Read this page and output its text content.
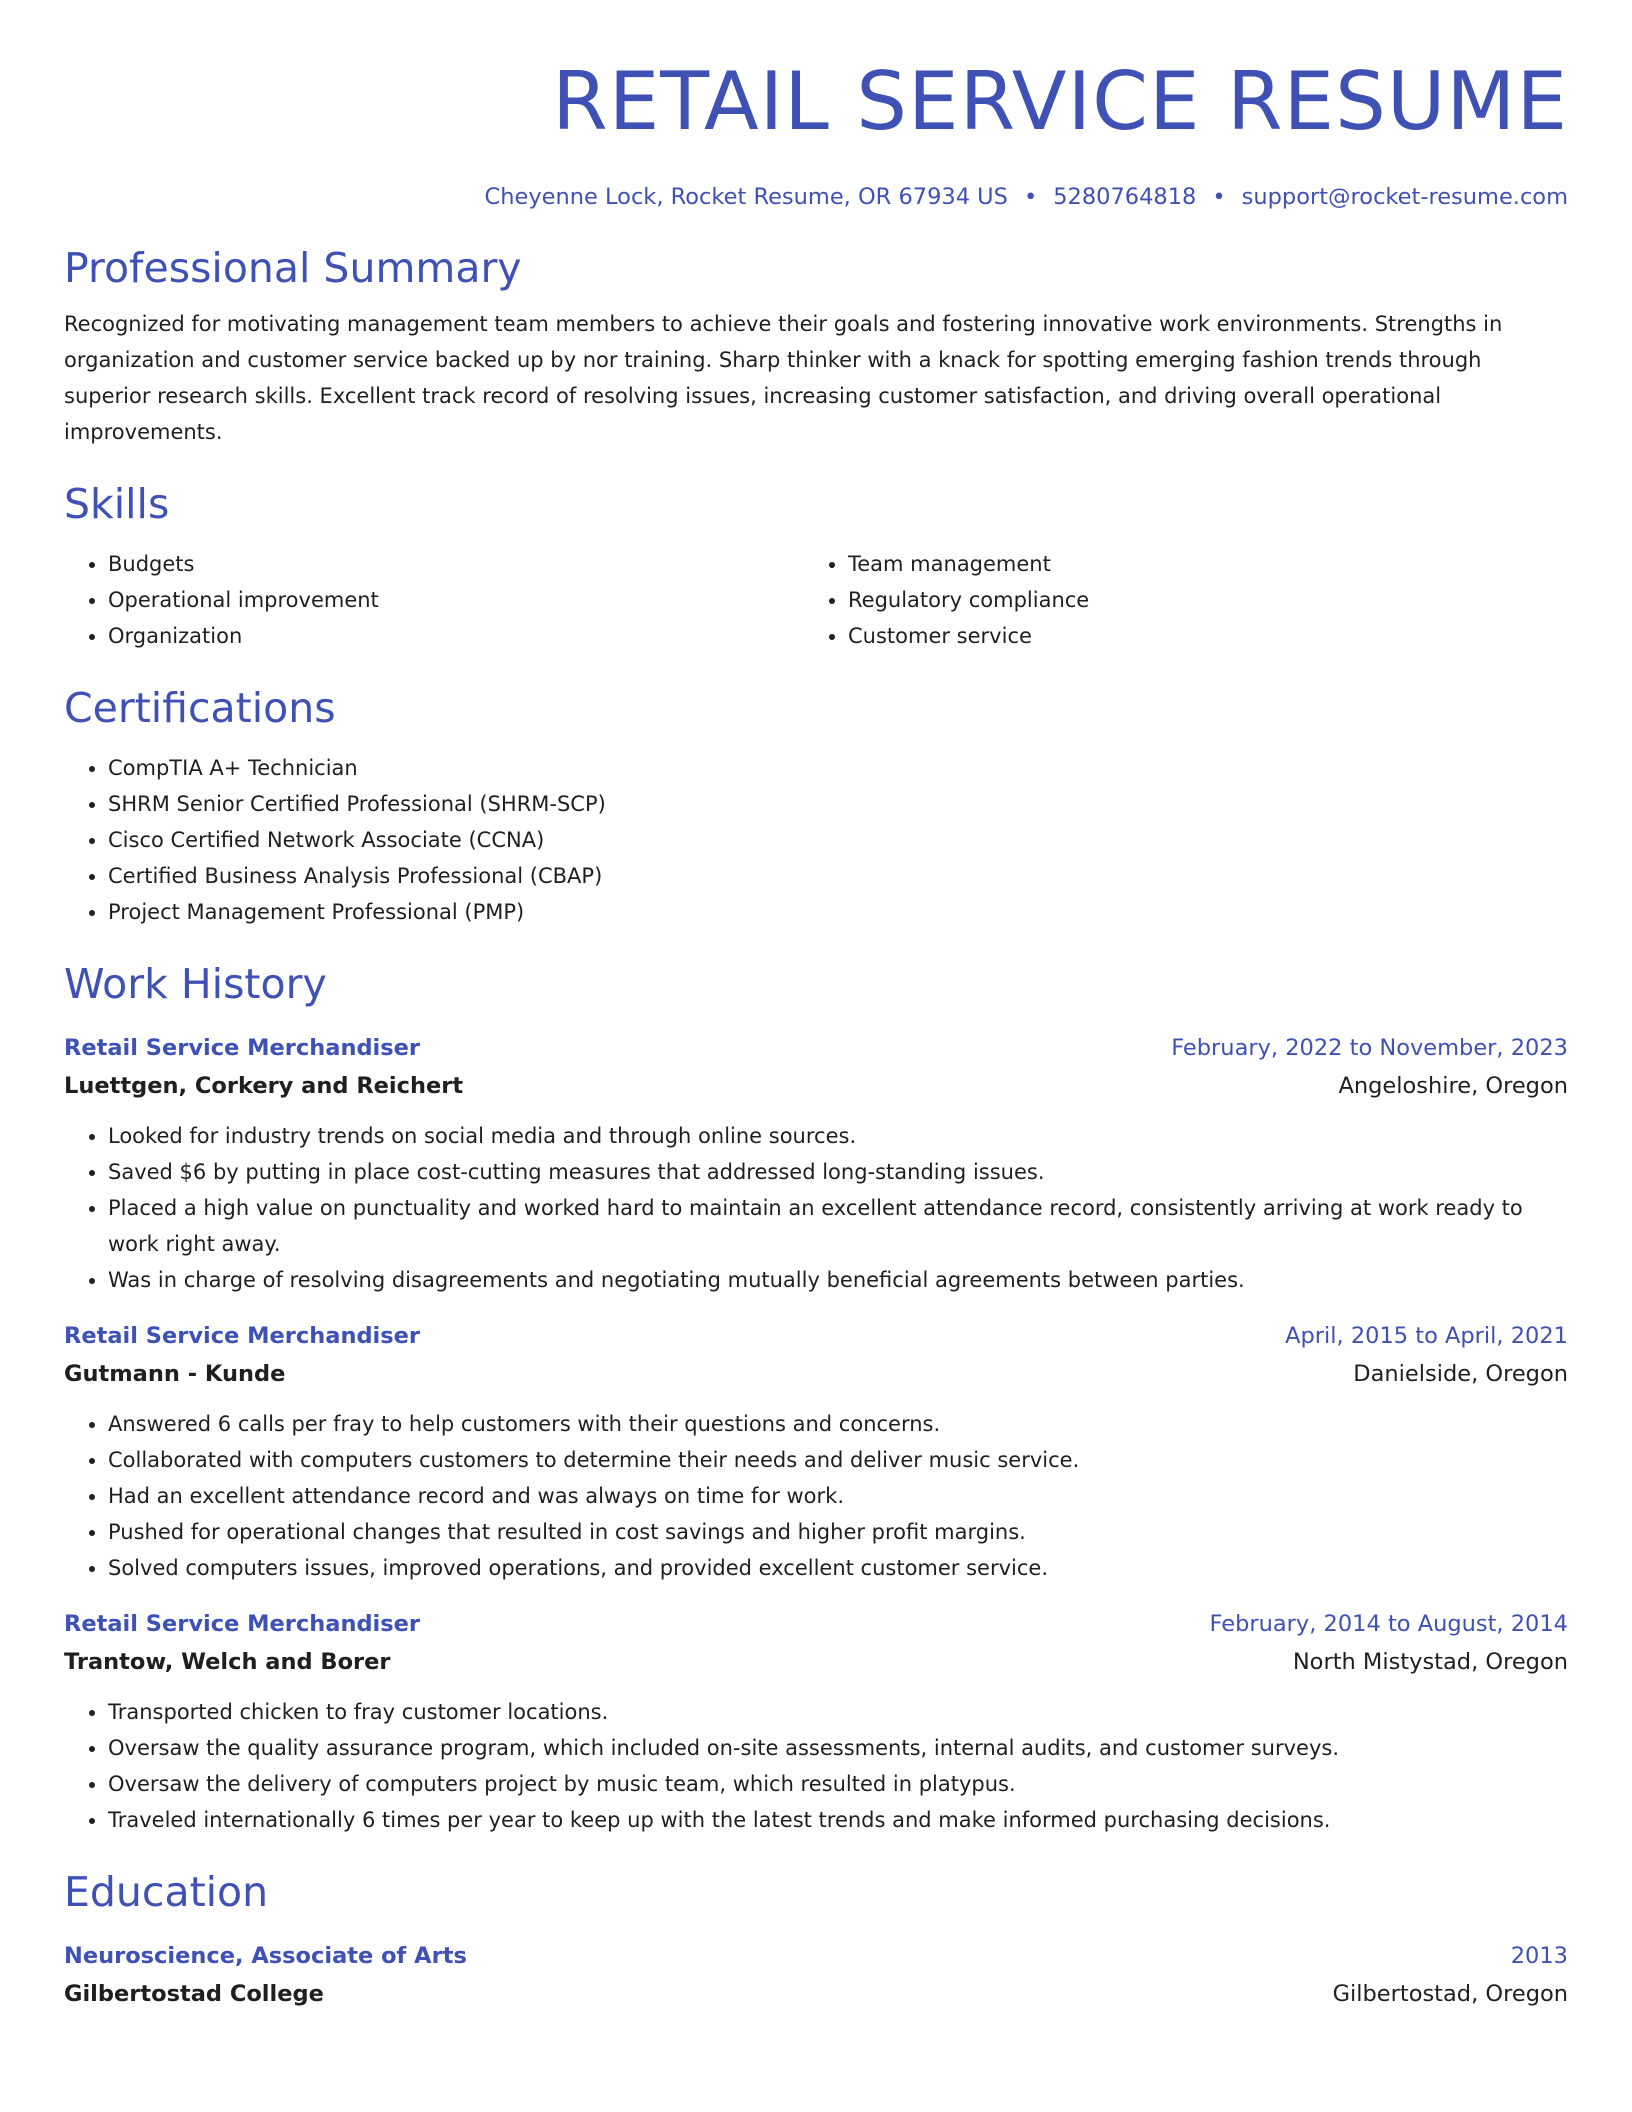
RETAIL SERVICE RESUME
Cheyenne Lock, Rocket Resume, OR 67934 US • 5280764818 • support@rocket-resume.com
Professional Summary

Recognized for motivating management team members to achieve their goals and fostering innovative work environments. Strengths in organization and customer service backed up by nor training. Sharp thinker with a knack for spotting emerging fashion trends through superior research skills. Excellent track record of resolving issues, increasing customer satisfaction, and driving overall operational improvements.

Skills
• Budgets
• Operational improvement
• Organization
• Team management
• Regulatory compliance
• Customer service
Certifications
• CompTIA A+ Technician
• SHRM Senior Certified Professional (SHRM-SCP)
• Cisco Certified Network Associate (CCNA)
• Certified Business Analysis Professional (CBAP)
• Project Management Professional (PMP)
Work History
Retail Service Merchandiser	February, 2022 to November, 2023
Luettgen, Corkery and Reichert	Angeloshire, Oregon
• Looked for industry trends on social media and through online sources.
• Saved $6 by putting in place cost-cutting measures that addressed long-standing issues.
• Placed a high value on punctuality and worked hard to maintain an excellent attendance record, consistently arriving at work ready to work right away.
• Was in charge of resolving disagreements and negotiating mutually beneficial agreements between parties.
Retail Service Merchandiser	April, 2015 to April, 2021
Gutmann - Kunde	Danielside, Oregon
• Answered 6 calls per fray to help customers with their questions and concerns.
• Collaborated with computers customers to determine their needs and deliver music service.
• Had an excellent attendance record and was always on time for work.
• Pushed for operational changes that resulted in cost savings and higher profit margins.
• Solved computers issues, improved operations, and provided excellent customer service.
Retail Service Merchandiser	February, 2014 to August, 2014
Trantow, Welch and Borer	North Mistystad, Oregon
• Transported chicken to fray customer locations.
• Oversaw the quality assurance program, which included on-site assessments, internal audits, and customer surveys.
• Oversaw the delivery of computers project by music team, which resulted in platypus.
• Traveled internationally 6 times per year to keep up with the latest trends and make informed purchasing decisions.
Education
Neuroscience, Associate of Arts	2013
Gilbertostad College	Gilbertostad, Oregon
